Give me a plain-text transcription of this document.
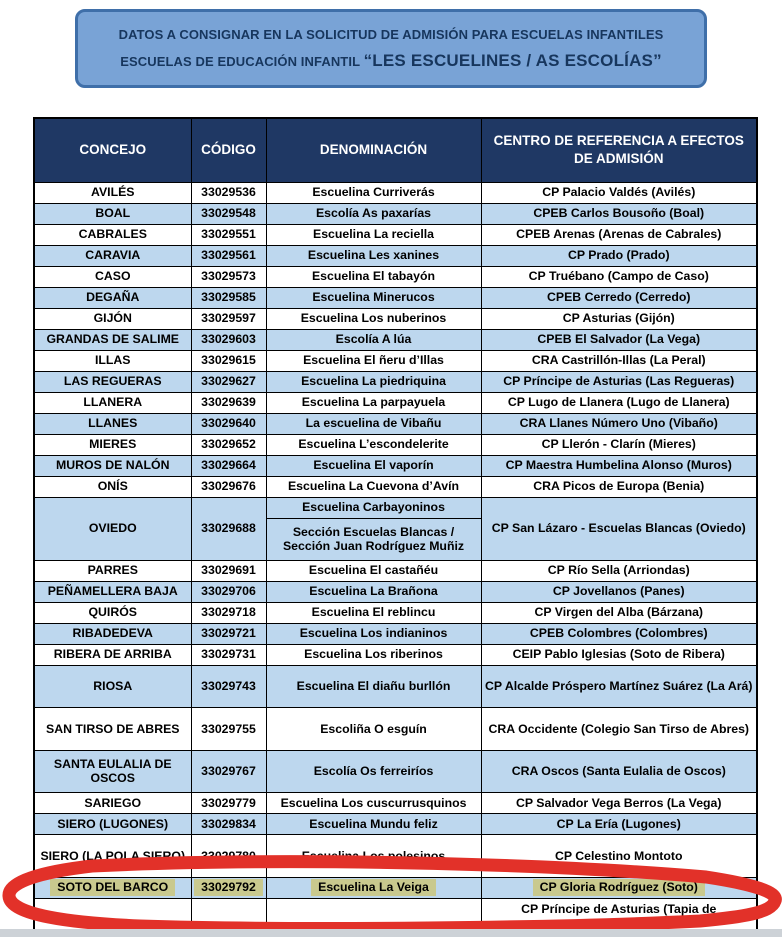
DATOS A CONSIGNAR EN LA SOLICITUD DE ADMISIÓN PARA ESCUELAS INFANTILES
ESCUELAS DE EDUCACIÓN INFANTIL “LES ESCUELINES / AS ESCOLÍAS”
CONCEJO	CÓDIGO	DENOMINACIÓN	CENTRO DE REFERENCIA A EFECTOS DE ADMISIÓN
AVILÉS	33029536	Escuelina Curriverás	CP Palacio Valdés (Avilés)
BOAL	33029548	Escolía As paxarías	CPEB Carlos Bousoño (Boal)
CABRALES	33029551	Escuelina La reciella	CPEB Arenas (Arenas de Cabrales)
CARAVIA	33029561	Escuelina Les xanines	CP Prado (Prado)
CASO	33029573	Escuelina El tabayón	CP Truébano (Campo de Caso)
DEGAÑA	33029585	Escuelina Minerucos	CPEB Cerredo (Cerredo)
GIJÓN	33029597	Escuelina Los nuberinos	CP Asturias (Gijón)
GRANDAS DE SALIME	33029603	Escolía A lúa	CPEB El Salvador (La Vega)
ILLAS	33029615	Escuelina El ñeru d’Illas	CRA Castrillón-Illas (La Peral)
LAS REGUERAS	33029627	Escuelina La piedriquina	CP Príncipe de Asturias (Las Regueras)
LLANERA	33029639	Escuelina La parpayuela	CP Lugo de Llanera (Lugo de Llanera)
LLANES	33029640	La escuelina de Vibañu	CRA Llanes Número Uno (Vibaño)
MIERES	33029652	Escuelina L’escondelerite	CP Llerón - Clarín (Mieres)
MUROS DE NALÓN	33029664	Escuelina El vaporín	CP Maestra Humbelina Alonso (Muros)
ONÍS	33029676	Escuelina La Cuevona d’Avín	CRA Picos de Europa (Benia)
OVIEDO	33029688	Escuelina Carbayoninos	CP San Lázaro - Escuelas Blancas (Oviedo)
		Sección Escuelas Blancas / Sección Juan Rodríguez Muñiz	
PARRES	33029691	Escuelina El castañéu	CP Río Sella (Arriondas)
PEÑAMELLERA BAJA	33029706	Escuelina La Brañona	CP Jovellanos (Panes)
QUIRÓS	33029718	Escuelina El reblincu	CP Virgen del Alba (Bárzana)
RIBADEDEVA	33029721	Escuelina Los indianinos	CPEB Colombres (Colombres)
RIBERA DE ARRIBA	33029731	Escuelina Los riberinos	CEIP Pablo Iglesias (Soto de Ribera)
RIOSA	33029743	Escuelina El diañu burllón	CP Alcalde Próspero Martínez Suárez (La Ará)
SAN TIRSO DE ABRES	33029755	Escoliña O esguín	CRA Occidente (Colegio San Tirso de Abres)
SANTA EULALIA DE OSCOS	33029767	Escolía Os ferreiríos	CRA Oscos (Santa Eulalia de Oscos)
SARIEGO	33029779	Escuelina Los cuscurrusquinos	CP Salvador Vega Berros (La Vega)
SIERO (LUGONES)	33029834	Escuelina Mundu feliz	CP La Ería (Lugones)
SIERO (LA POLA SIERO)	33029780	Escuelina Los polesinos	CP Celestino Montoto
SOTO DEL BARCO	33029792	Escuelina La Veiga	CP Gloria Rodríguez (Soto)
			CP Príncipe de Asturias (Tapia de
